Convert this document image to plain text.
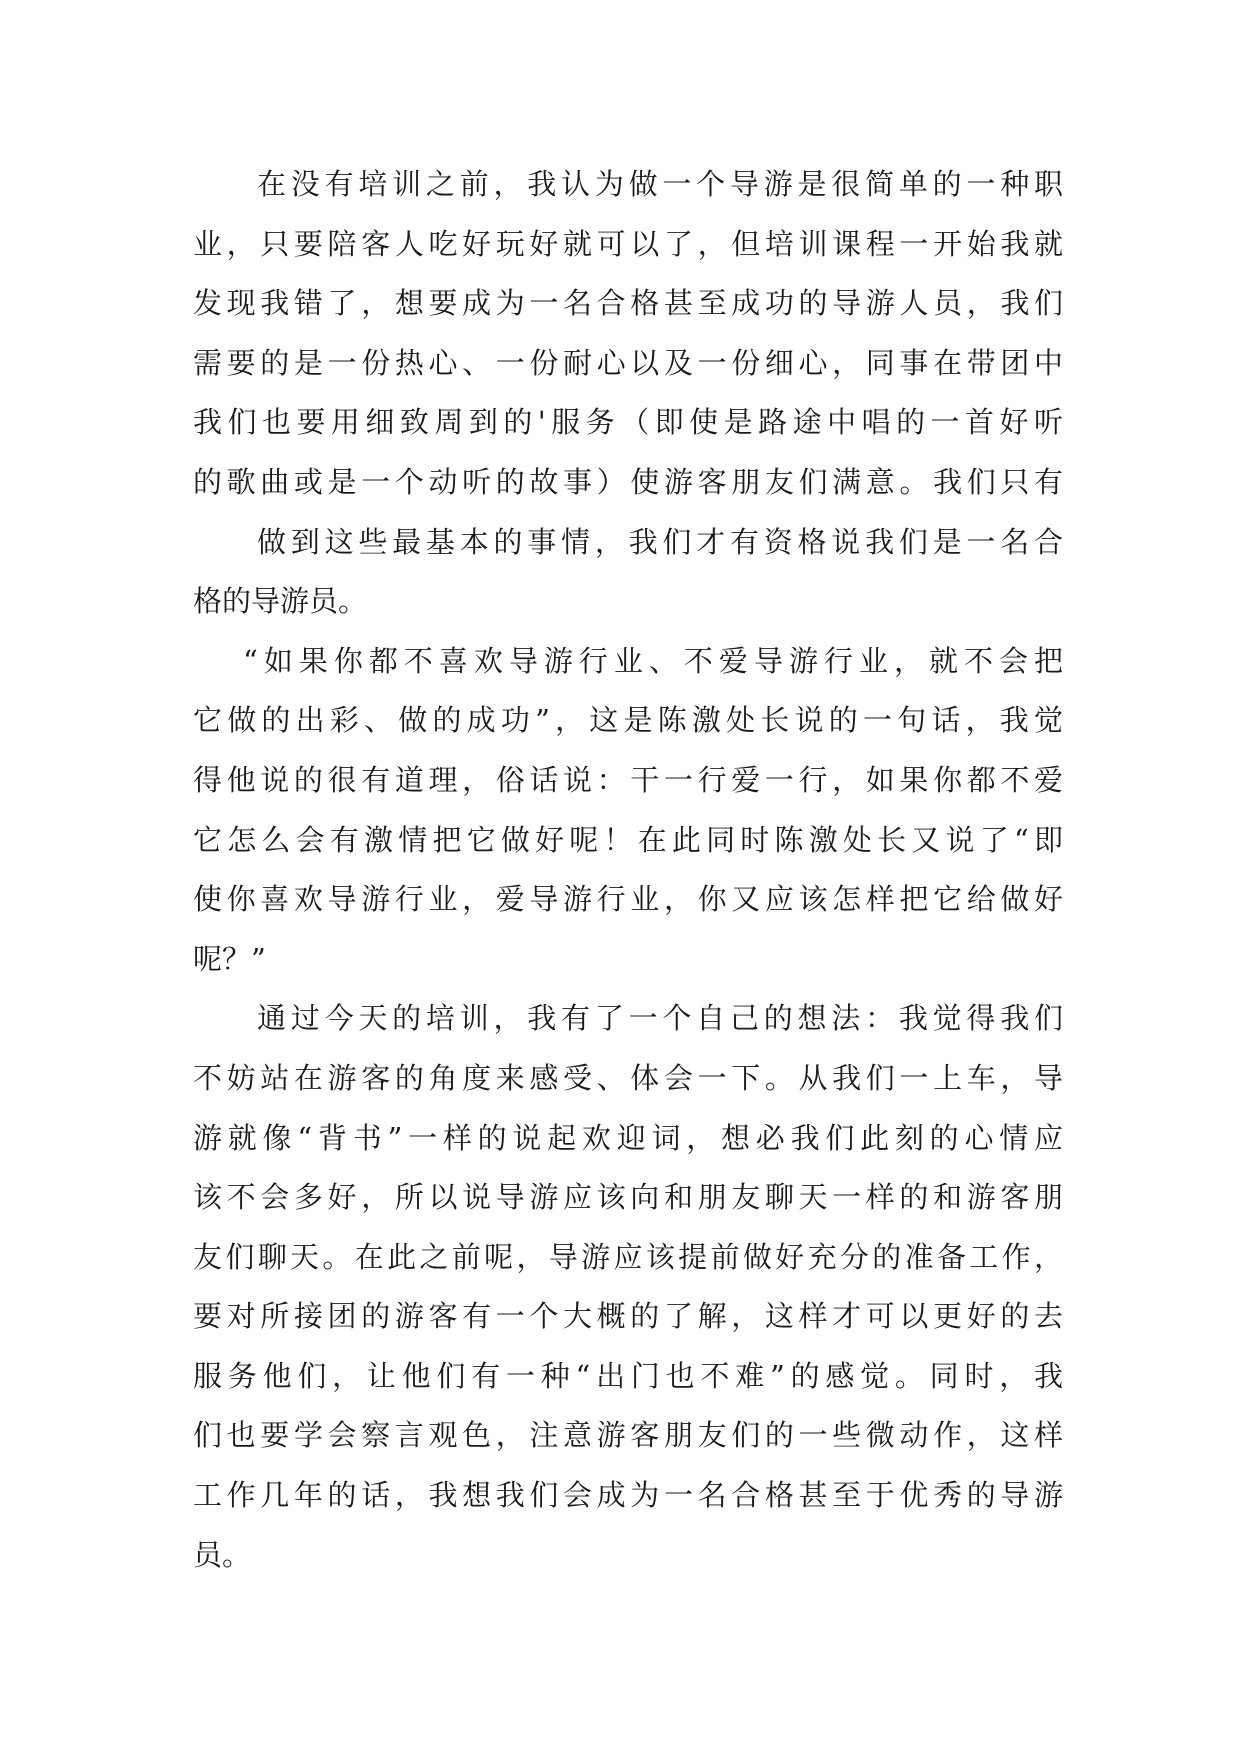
在没有培训之前，我认为做一个导游是很简单的一种职
业，只要陪客人吃好玩好就可以了，但培训课程一开始我就
发现我错了，想要成为一名合格甚至成功的导游人员，我们
需要的是一份热心、一份耐心以及一份细心，同事在带团中
我们也要用细致周到的'服务（即使是路途中唱的一首好听
的歌曲或是一个动听的故事）使游客朋友们满意。我们只有
做到这些最基本的事情，我们才有资格说我们是一名合
格的导游员。
“如果你都不喜欢导游行业、不爱导游行业，就不会把
它做的出彩、做的成功”，这是陈激处长说的一句话，我觉
得他说的很有道理，俗话说：干一行爱一行，如果你都不爱
它怎么会有激情把它做好呢！在此同时陈激处长又说了“即
使你喜欢导游行业，爱导游行业，你又应该怎样把它给做好
呢？”
通过今天的培训，我有了一个自己的想法：我觉得我们
不妨站在游客的角度来感受、体会一下。从我们一上车，导
游就像“背书”一样的说起欢迎词，想必我们此刻的心情应
该不会多好，所以说导游应该向和朋友聊天一样的和游客朋
友们聊天。在此之前呢，导游应该提前做好充分的准备工作，
要对所接团的游客有一个大概的了解，这样才可以更好的去
服务他们，让他们有一种“出门也不难”的感觉。同时，我
们也要学会察言观色，注意游客朋友们的一些微动作，这样
工作几年的话，我想我们会成为一名合格甚至于优秀的导游
员。
